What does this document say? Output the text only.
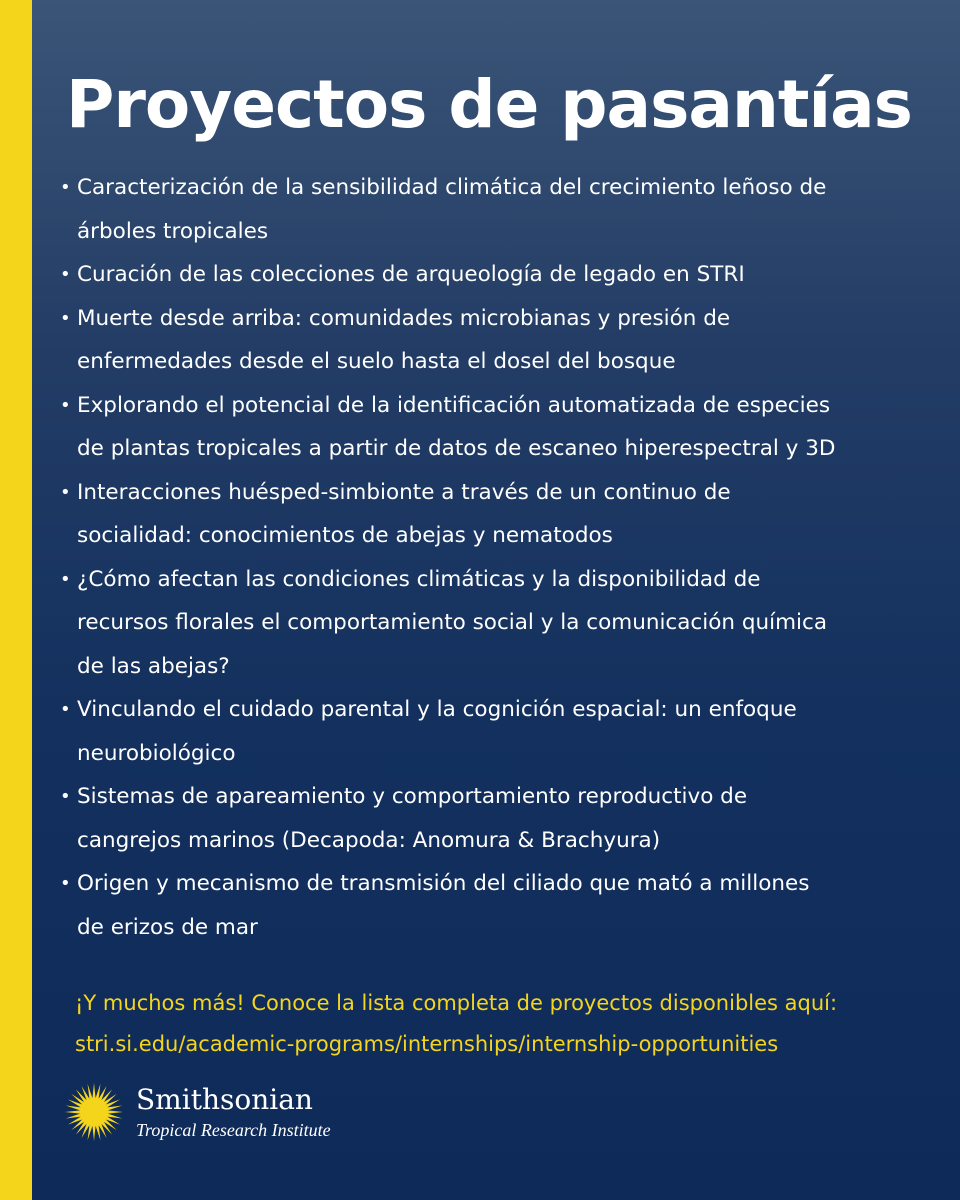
Proyectos de pasantías
• Caracterización de la sensibilidad climática del crecimiento leñoso de
árboles tropicales
• Curación de las colecciones de arqueología de legado en STRI
• Muerte desde arriba: comunidades microbianas y presión de
enfermedades desde el suelo hasta el dosel del bosque
• Explorando el potencial de la identificación automatizada de especies
de plantas tropicales a partir de datos de escaneo hiperespectral y 3D
• Interacciones huésped-simbionte a través de un continuo de
socialidad: conocimientos de abejas y nematodos
• ¿Cómo afectan las condiciones climáticas y la disponibilidad de
recursos florales el comportamiento social y la comunicación química
de las abejas?
• Vinculando el cuidado parental y la cognición espacial: un enfoque
neurobiológico
• Sistemas de apareamiento y comportamiento reproductivo de
cangrejos marinos (Decapoda: Anomura & Brachyura)
• Origen y mecanismo de transmisión del ciliado que mató a millones
de erizos de mar
¡Y muchos más! Conoce la lista completa de proyectos disponibles aquí:
stri.si.edu/academic-programs/internships/internship-opportunities
Smithsonian
Tropical Research Institute
